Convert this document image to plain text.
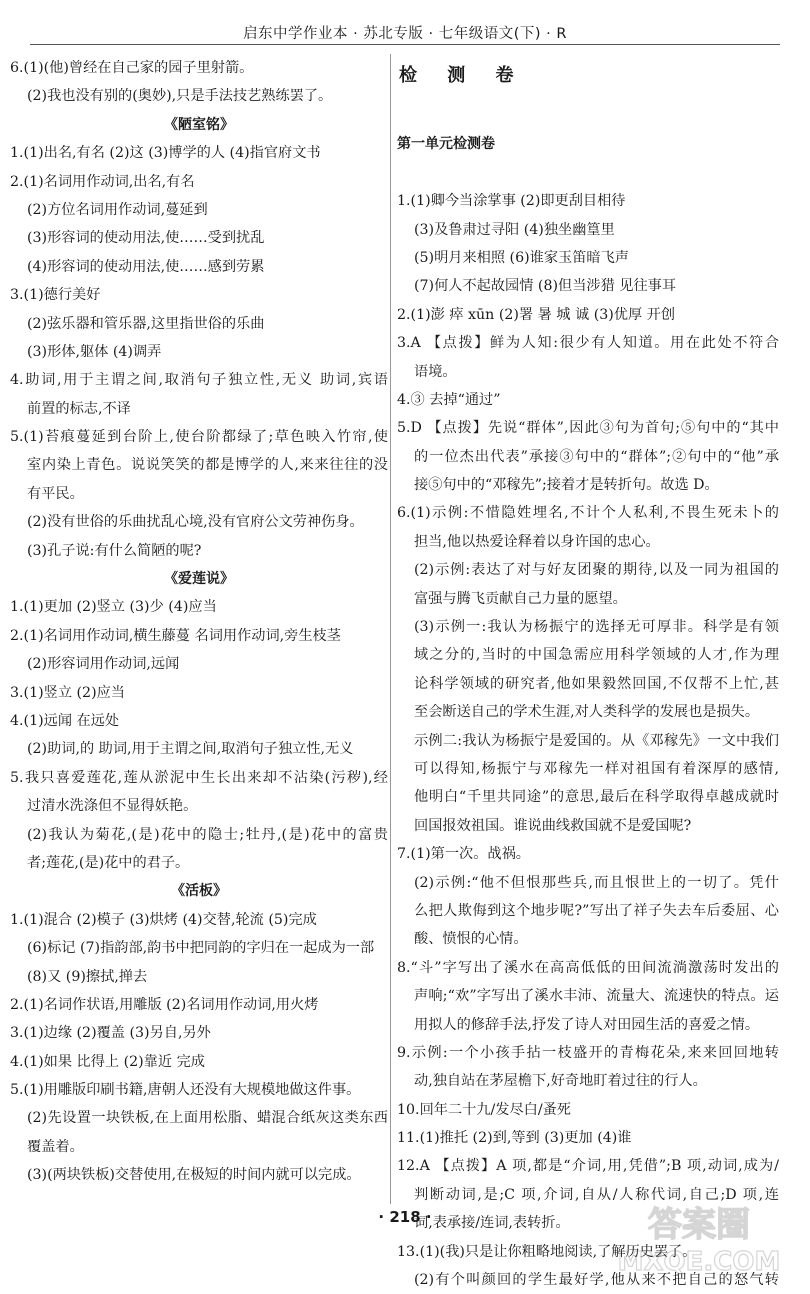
启东中学作业本 · 苏北专版 · 七年级语文(下) · R
6.(1)(他)曾经在自己家的园子里射箭。
(2)我也没有别的(奥妙),只是手法技艺熟练罢了。
《陋室铭》
1.(1)出名,有名 (2)这 (3)博学的人 (4)指官府文书
2.(1)名词用作动词,出名,有名
(2)方位名词用作动词,蔓延到
(3)形容词的使动用法,使……受到扰乱
(4)形容词的使动用法,使……感到劳累
3.(1)德行美好
(2)弦乐器和管乐器,这里指世俗的乐曲
(3)形体,躯体 (4)调弄
4.助词,用于主谓之间,取消句子独立性,无义 助词,宾语
前置的标志,不译
5.(1)苔痕蔓延到台阶上,使台阶都绿了;草色映入竹帘,使
室内染上青色。说说笑笑的都是博学的人,来来往往的没
有平民。
(2)没有世俗的乐曲扰乱心境,没有官府公文劳神伤身。
(3)孔子说:有什么简陋的呢?
《爱莲说》
1.(1)更加 (2)竖立 (3)少 (4)应当
2.(1)名词用作动词,横生藤蔓 名词用作动词,旁生枝茎
(2)形容词用作动词,远闻
3.(1)竖立 (2)应当
4.(1)远闻 在远处
(2)助词,的 助词,用于主谓之间,取消句子独立性,无义
5.我只喜爱莲花,莲从淤泥中生长出来却不沾染(污秽),经
过清水洗涤但不显得妖艳。
(2)我认为菊花,(是)花中的隐士;牡丹,(是)花中的富贵
者;莲花,(是)花中的君子。
《活板》
1.(1)混合 (2)模子 (3)烘烤 (4)交替,轮流 (5)完成
(6)标记 (7)指韵部,韵书中把同韵的字归在一起成为一部
(8)又 (9)擦拭,掸去
2.(1)名词作状语,用雕版 (2)名词用作动词,用火烤
3.(1)边缘 (2)覆盖 (3)另自,另外
4.(1)如果 比得上 (2)靠近 完成
5.(1)用雕版印刷书籍,唐朝人还没有大规模地做这件事。
(2)先设置一块铁板,在上面用松脂、蜡混合纸灰这类东西
覆盖着。
(3)(两块铁板)交替使用,在极短的时间内就可以完成。
检 测 卷
第一单元检测卷
1.(1)卿今当涂掌事 (2)即更刮目相待
(3)及鲁肃过寻阳 (4)独坐幽篁里
(5)明月来相照 (6)谁家玉笛暗飞声
(7)何人不起故园情 (8)但当涉猎 见往事耳
2.(1)澎 瘁 xūn (2)署 暑 城 诚 (3)优厚 开创
3.A 【点拨】鲜为人知:很少有人知道。用在此处不符合
语境。
4.③ 去掉“通过”
5.D 【点拨】先说“群体”,因此③句为首句;⑤句中的“其中
的一位杰出代表”承接③句中的“群体”;②句中的“他”承
接⑤句中的“邓稼先”;接着才是转折句。故选 D。
6.(1)示例:不惜隐姓埋名,不计个人私利,不畏生死未卜的
担当,他以热爱诠释着以身许国的忠心。
(2)示例:表达了对与好友团聚的期待,以及一同为祖国的
富强与腾飞贡献自己力量的愿望。
(3)示例一:我认为杨振宁的选择无可厚非。科学是有领
域之分的,当时的中国急需应用科学领域的人才,作为理
论科学领域的研究者,他如果毅然回国,不仅帮不上忙,甚
至会断送自己的学术生涯,对人类科学的发展也是损失。
示例二:我认为杨振宁是爱国的。从《邓稼先》一文中我们
可以得知,杨振宁与邓稼先一样对祖国有着深厚的感情,
他明白“千里共同途”的意思,最后在科学取得卓越成就时
回国报效祖国。谁说曲线救国就不是爱国呢?
7.(1)第一次。战祸。
(2)示例:“他不但恨那些兵,而且恨世上的一切了。凭什
么把人欺侮到这个地步呢?”写出了祥子失去车后委屈、心
酸、愤恨的心情。
8.“斗”字写出了溪水在高高低低的田间流淌激荡时发出的
声响;“欢”字写出了溪水丰沛、流量大、流速快的特点。运
用拟人的修辞手法,抒发了诗人对田园生活的喜爱之情。
9.示例:一个小孩手拈一枝盛开的青梅花朵,来来回回地转
动,独自站在茅屋檐下,好奇地盯着过往的行人。
10.回年二十九/发尽白/蚤死
11.(1)推托 (2)到,等到 (3)更加 (4)谁
12.A 【点拨】A 项,都是“介词,用,凭借”;B 项,动词,成为/
判断动词,是;C 项,介词,自从/人称代词,自己;D 项,连
词,表承接/连词,表转折。
13.(1)(我)只是让你粗略地阅读,了解历史罢了。
(2)有个叫颜回的学生最好学,他从来不把自己的怒气转
· 218 ·	答案圈
MXQE.COM
